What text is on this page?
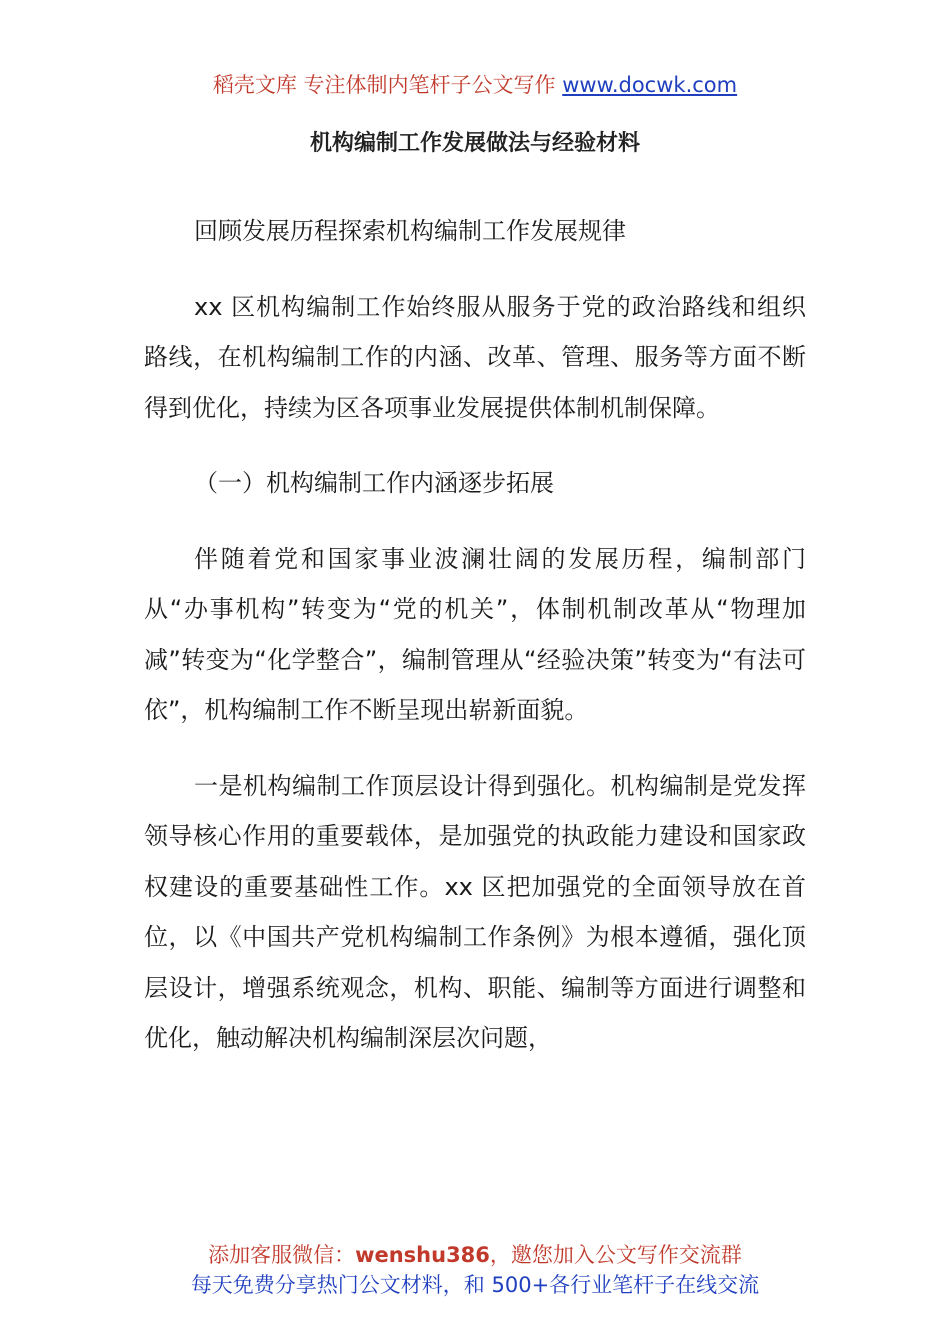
稻壳文库 专注体制内笔杆子公文写作 www.docwk.com
机构编制工作发展做法与经验材料

回顾发展历程探索机构编制工作发展规律

xx 区机构编制工作始终服从服务于党的政治路线和组织路线，在机构编制工作的内涵、改革、管理、服务等方面不断得到优化，持续为区各项事业发展提供体制机制保障。

（一）机构编制工作内涵逐步拓展

伴随着党和国家事业波澜壮阔的发展历程，编制部门从“办事机构”转变为“党的机关”，体制机制改革从“物理加减”转变为“化学整合”，编制管理从“经验决策”转变为“有法可依”，机构编制工作不断呈现出崭新面貌。

一是机构编制工作顶层设计得到强化。机构编制是党发挥领导核心作用的重要载体，是加强党的执政能力建设和国家政权建设的重要基础性工作。xx 区把加强党的全面领导放在首位，以《中国共产党机构编制工作条例》为根本遵循，强化顶层设计，增强系统观念，机构、职能、编制等方面进行调整和优化，触动解决机构编制深层次问题，

添加客服微信：wenshu386，邀您加入公文写作交流群
每天免费分享热门公文材料，和 500+各行业笔杆子在线交流
